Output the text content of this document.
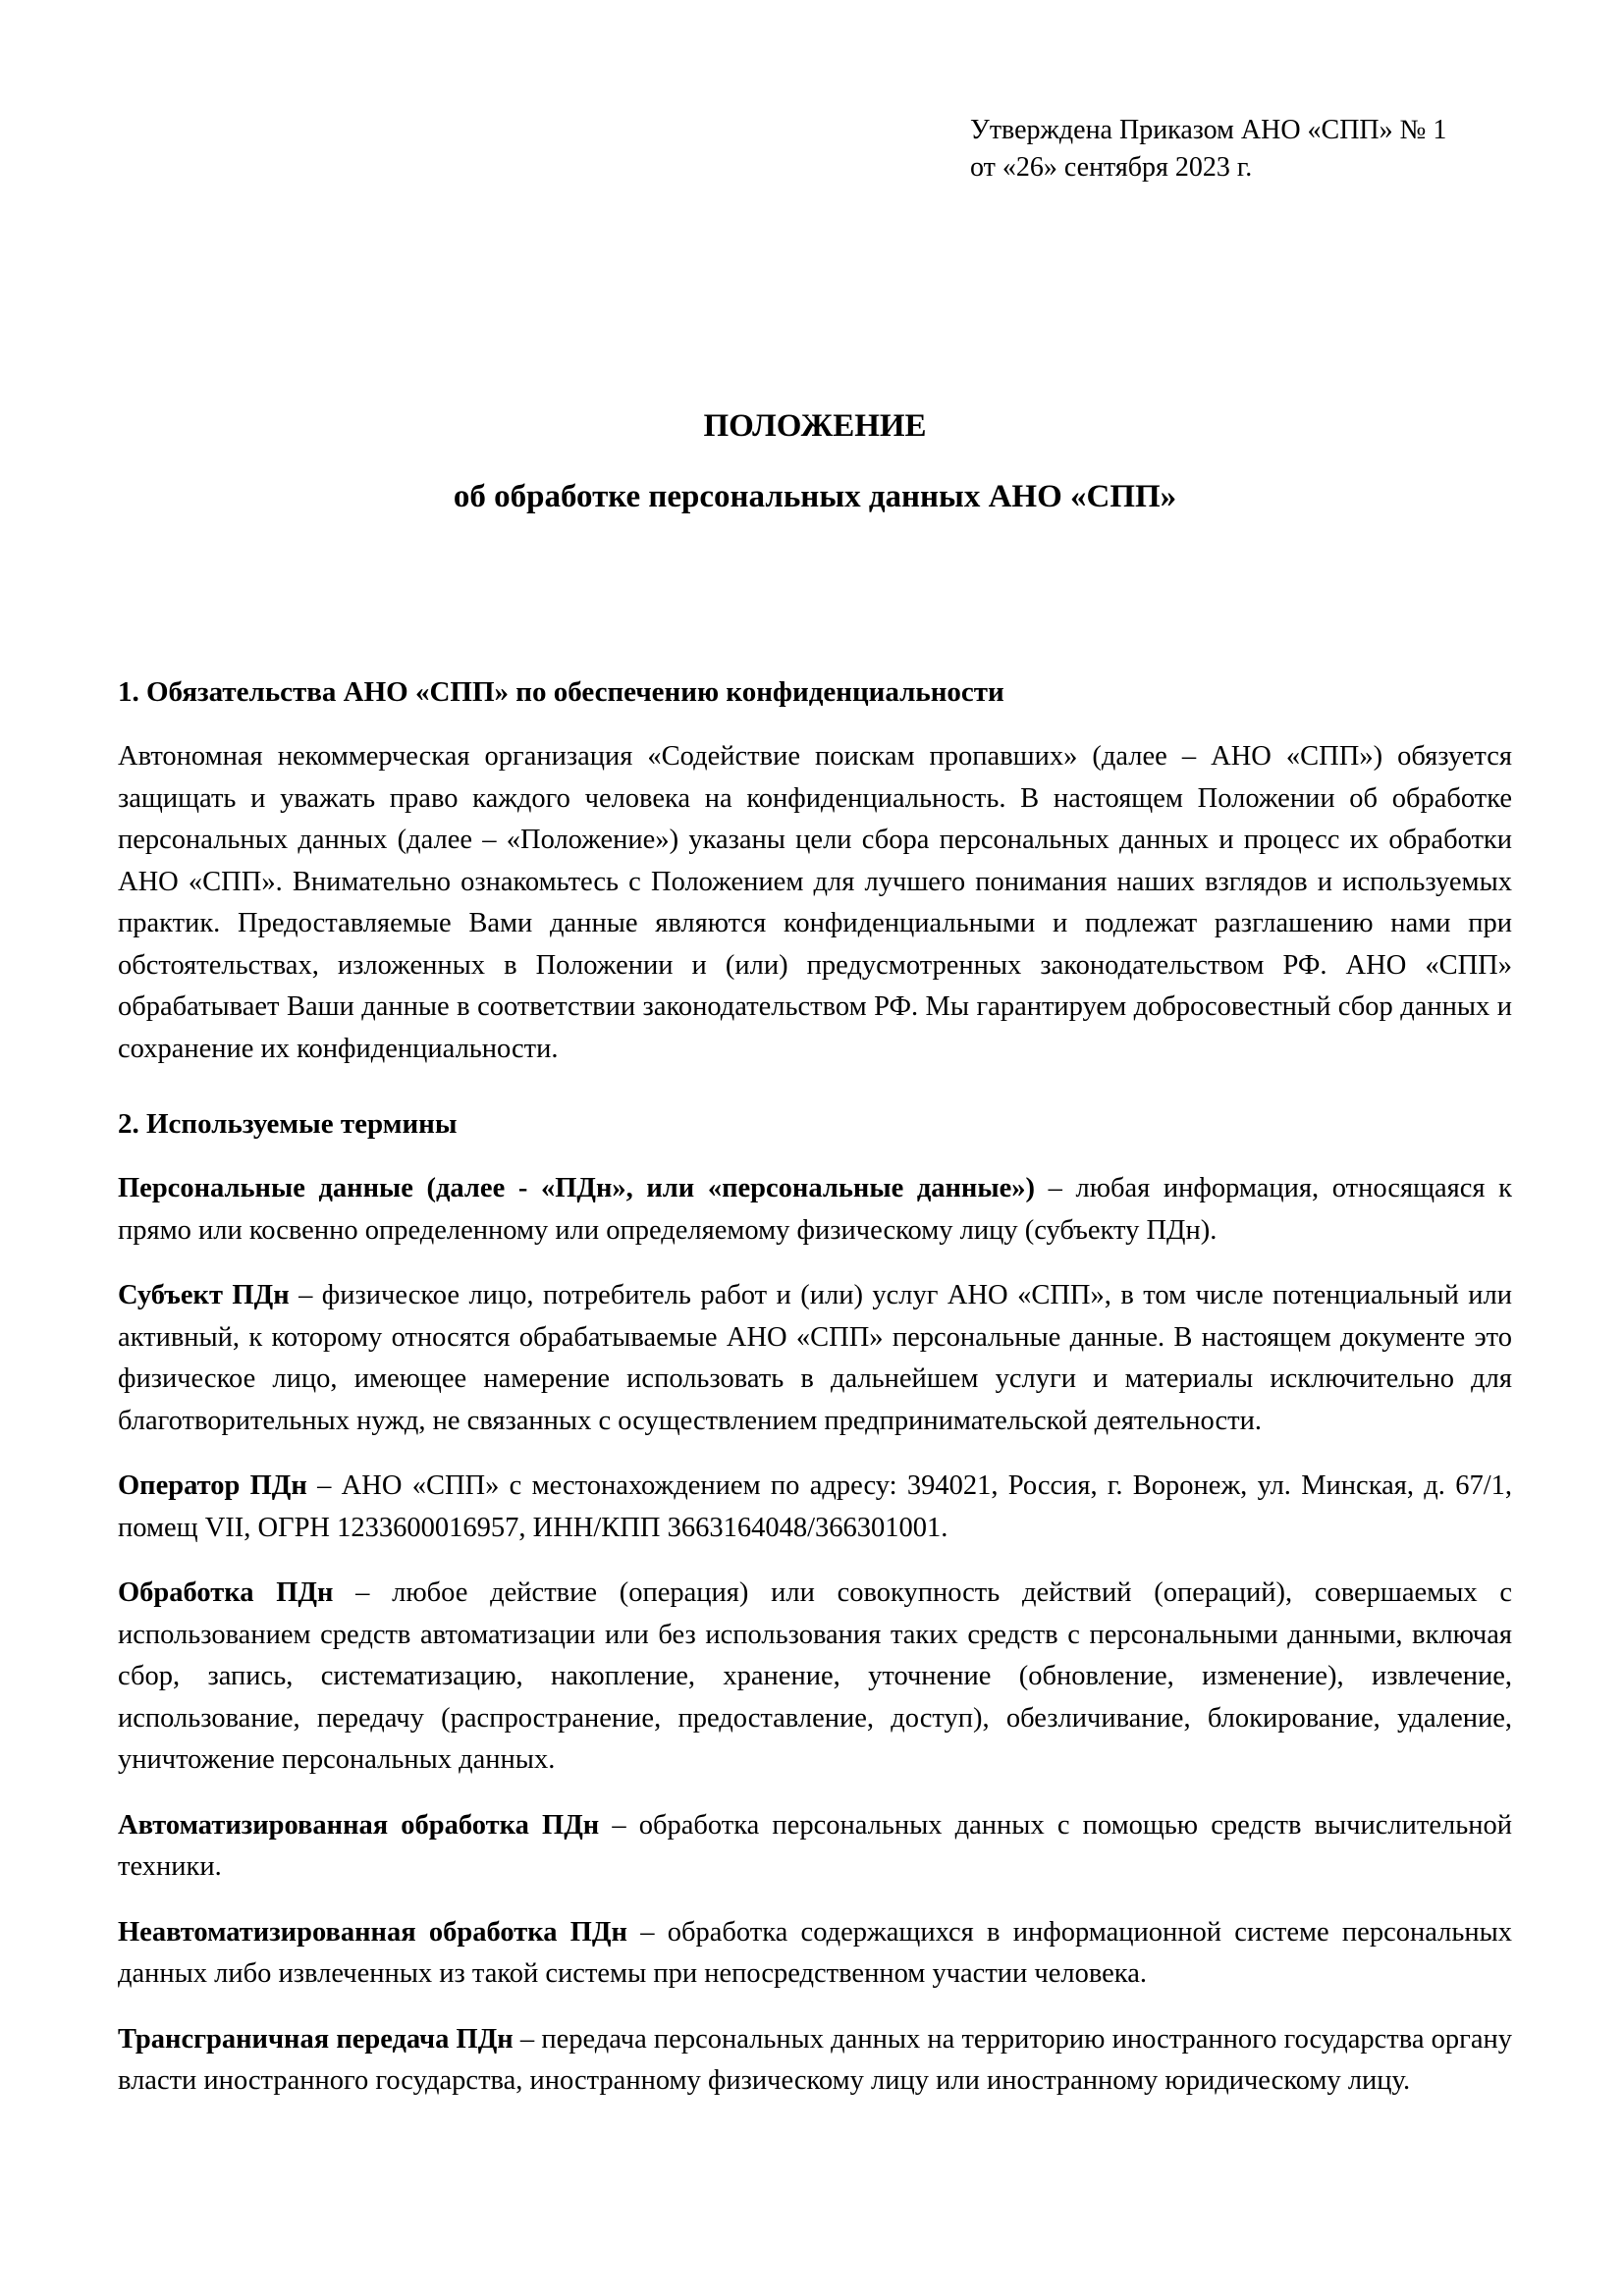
Утверждена Приказом АНО «СПП» № 1
от «26» сентября 2023 г.
ПОЛОЖЕНИЕ
об обработке персональных данных АНО «СПП»
1. Обязательства АНО «СПП» по обеспечению конфиденциальности

Автономная некоммерческая организация «Содействие поискам пропавших» (далее – АНО «СПП») обязуется защищать и уважать право каждого человека на конфиденциальность. В настоящем Положении об обработке персональных данных (далее – «Положение») указаны цели сбора персональных данных и процесс их обработки АНО «СПП». Внимательно ознакомьтесь с Положением для лучшего понимания наших взглядов и используемых практик. Предоставляемые Вами данные являются конфиденциальными и подлежат разглашению нами при обстоятельствах, изложенных в Положении и (или) предусмотренных законодательством РФ. АНО «СПП» обрабатывает Ваши данные в соответствии законодательством РФ. Мы гарантируем добросовестный сбор данных и сохранение их конфиденциальности.

2. Используемые термины

Персональные данные (далее - «ПДн», или «персональные данные») – любая информация, относящаяся к прямо или косвенно определенному или определяемому физическому лицу (субъекту ПДн).

Субъект ПДн – физическое лицо, потребитель работ и (или) услуг АНО «СПП», в том числе потенциальный или активный, к которому относятся обрабатываемые АНО «СПП» персональные данные. В настоящем документе это физическое лицо, имеющее намерение использовать в дальнейшем услуги и материалы исключительно для благотворительных нужд, не связанных с осуществлением предпринимательской деятельности.

Оператор ПДн – АНО «СПП» с местонахождением по адресу: 394021, Россия, г. Воронеж, ул. Минская, д. 67/1, помещ VII, ОГРН 1233600016957, ИНН/КПП 3663164048/366301001.

Обработка ПДн – любое действие (операция) или совокупность действий (операций), совершаемых с использованием средств автоматизации или без использования таких средств с персональными данными, включая сбор, запись, систематизацию, накопление, хранение, уточнение (обновление, изменение), извлечение, использование, передачу (распространение, предоставление, доступ), обезличивание, блокирование, удаление, уничтожение персональных данных.

Автоматизированная обработка ПДн – обработка персональных данных с помощью средств вычислительной техники.

Неавтоматизированная обработка ПДн – обработка содержащихся в информационной системе персональных данных либо извлеченных из такой системы при непосредственном участии человека.

Трансграничная передача ПДн – передача персональных данных на территорию иностранного государства органу власти иностранного государства, иностранному физическому лицу или иностранному юридическому лицу.
